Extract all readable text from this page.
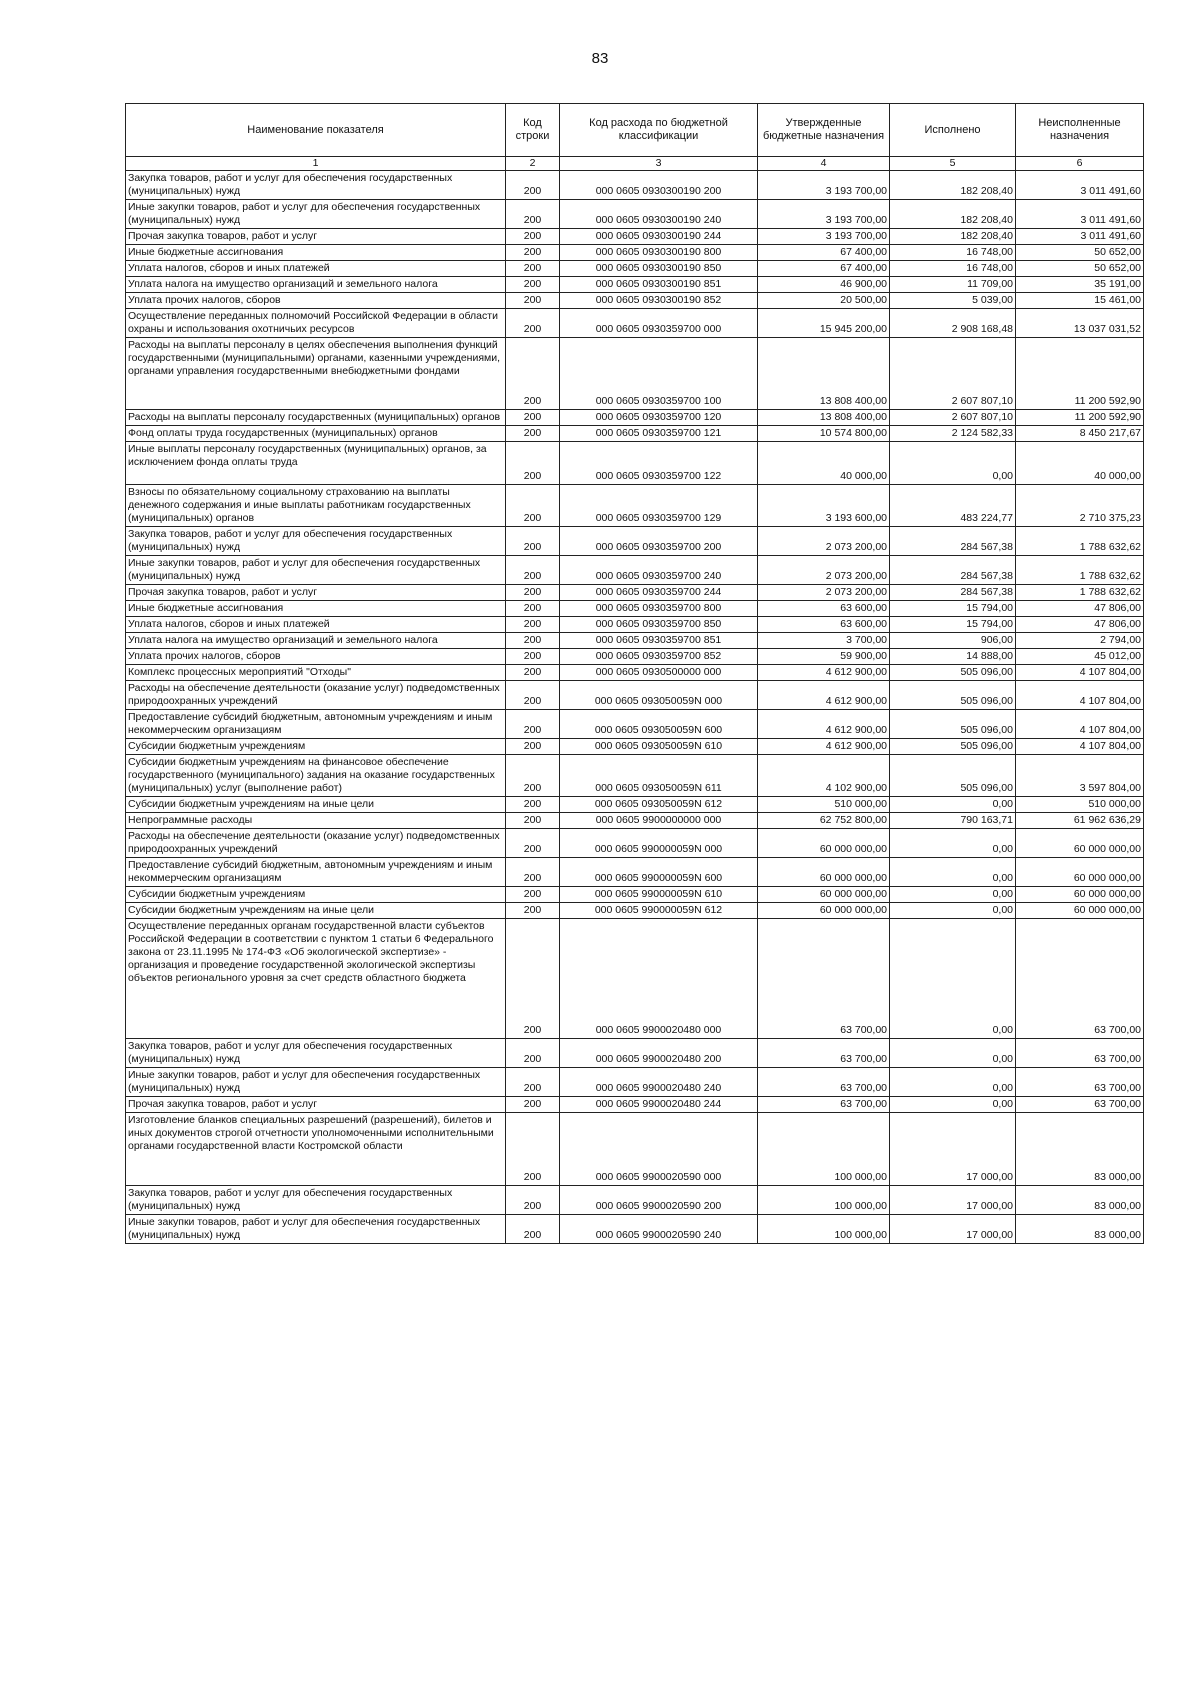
83
Наименование показателя	Код строки	Код расхода по бюджетной классификации	Утвержденные бюджетные назначения	Исполнено	Неисполненные назначения
1	2	3	4	5	6
Закупка товаров, работ и услуг для обеспечения государственных (муниципальных) нужд	200	000 0605 0930300190 200	3 193 700,00	182 208,40	3 011 491,60
Иные закупки товаров, работ и услуг для обеспечения государственных (муниципальных) нужд	200	000 0605 0930300190 240	3 193 700,00	182 208,40	3 011 491,60
Прочая закупка товаров, работ и услуг	200	000 0605 0930300190 244	3 193 700,00	182 208,40	3 011 491,60
Иные бюджетные ассигнования	200	000 0605 0930300190 800	67 400,00	16 748,00	50 652,00
Уплата налогов, сборов и иных платежей	200	000 0605 0930300190 850	67 400,00	16 748,00	50 652,00
Уплата налога на имущество организаций и земельного налога	200	000 0605 0930300190 851	46 900,00	11 709,00	35 191,00
Уплата прочих налогов, сборов	200	000 0605 0930300190 852	20 500,00	5 039,00	15 461,00
Осуществление переданных полномочий Российской Федерации в области охраны и использования охотничьих ресурсов	200	000 0605 0930359700 000	15 945 200,00	2 908 168,48	13 037 031,52
Расходы на выплаты персоналу в целях обеспечения выполнения функций государственными (муниципальными) органами, казенными учреждениями, органами управления государственными внебюджетными фондами	200	000 0605 0930359700 100	13 808 400,00	2 607 807,10	11 200 592,90
Расходы на выплаты персоналу государственных (муниципальных) органов	200	000 0605 0930359700 120	13 808 400,00	2 607 807,10	11 200 592,90
Фонд оплаты труда государственных (муниципальных) органов	200	000 0605 0930359700 121	10 574 800,00	2 124 582,33	8 450 217,67
Иные выплаты персоналу государственных (муниципальных) органов, за исключением фонда оплаты труда	200	000 0605 0930359700 122	40 000,00	0,00	40 000,00
Взносы по обязательному социальному страхованию на выплаты денежного содержания и иные выплаты работникам государственных (муниципальных) органов	200	000 0605 0930359700 129	3 193 600,00	483 224,77	2 710 375,23
Закупка товаров, работ и услуг для обеспечения государственных (муниципальных) нужд	200	000 0605 0930359700 200	2 073 200,00	284 567,38	1 788 632,62
Иные закупки товаров, работ и услуг для обеспечения государственных (муниципальных) нужд	200	000 0605 0930359700 240	2 073 200,00	284 567,38	1 788 632,62
Прочая закупка товаров, работ и услуг	200	000 0605 0930359700 244	2 073 200,00	284 567,38	1 788 632,62
Иные бюджетные ассигнования	200	000 0605 0930359700 800	63 600,00	15 794,00	47 806,00
Уплата налогов, сборов и иных платежей	200	000 0605 0930359700 850	63 600,00	15 794,00	47 806,00
Уплата налога на имущество организаций и земельного налога	200	000 0605 0930359700 851	3 700,00	906,00	2 794,00
Уплата прочих налогов, сборов	200	000 0605 0930359700 852	59 900,00	14 888,00	45 012,00
Комплекс процессных мероприятий "Отходы"	200	000 0605 0930500000 000	4 612 900,00	505 096,00	4 107 804,00
Расходы на обеспечение деятельности (оказание услуг) подведомственных природоохранных учреждений	200	000 0605 093050059N 000	4 612 900,00	505 096,00	4 107 804,00
Предоставление субсидий бюджетным, автономным учреждениям и иным некоммерческим организациям	200	000 0605 093050059N 600	4 612 900,00	505 096,00	4 107 804,00
Субсидии бюджетным учреждениям	200	000 0605 093050059N 610	4 612 900,00	505 096,00	4 107 804,00
Субсидии бюджетным учреждениям на финансовое обеспечение государственного (муниципального) задания на оказание государственных (муниципальных) услуг (выполнение работ)	200	000 0605 093050059N 611	4 102 900,00	505 096,00	3 597 804,00
Субсидии бюджетным учреждениям на иные цели	200	000 0605 093050059N 612	510 000,00	0,00	510 000,00
Непрограммные расходы	200	000 0605 9900000000 000	62 752 800,00	790 163,71	61 962 636,29
Расходы на обеспечение деятельности (оказание услуг) подведомственных природоохранных учреждений	200	000 0605 990000059N 000	60 000 000,00	0,00	60 000 000,00
Предоставление субсидий бюджетным, автономным учреждениям и иным некоммерческим организациям	200	000 0605 990000059N 600	60 000 000,00	0,00	60 000 000,00
Субсидии бюджетным учреждениям	200	000 0605 990000059N 610	60 000 000,00	0,00	60 000 000,00
Субсидии бюджетным учреждениям на иные цели	200	000 0605 990000059N 612	60 000 000,00	0,00	60 000 000,00
Осуществление переданных органам государственной власти субъектов Российской Федерации в соответствии с пунктом 1 статьи 6 Федерального закона от 23.11.1995 № 174-ФЗ «Об экологической экспертизе» - организация и проведение государственной экологической экспертизы объектов регионального уровня за счет средств областного бюджета	200	000 0605 9900020480 000	63 700,00	0,00	63 700,00
Закупка товаров, работ и услуг для обеспечения государственных (муниципальных) нужд	200	000 0605 9900020480 200	63 700,00	0,00	63 700,00
Иные закупки товаров, работ и услуг для обеспечения государственных (муниципальных) нужд	200	000 0605 9900020480 240	63 700,00	0,00	63 700,00
Прочая закупка товаров, работ и услуг	200	000 0605 9900020480 244	63 700,00	0,00	63 700,00
Изготовление бланков специальных разрешений (разрешений), билетов и иных документов строгой отчетности уполномоченными исполнительными органами государственной власти Костромской области	200	000 0605 9900020590 000	100 000,00	17 000,00	83 000,00
Закупка товаров, работ и услуг для обеспечения государственных (муниципальных) нужд	200	000 0605 9900020590 200	100 000,00	17 000,00	83 000,00
Иные закупки товаров, работ и услуг для обеспечения государственных (муниципальных) нужд	200	000 0605 9900020590 240	100 000,00	17 000,00	83 000,00
